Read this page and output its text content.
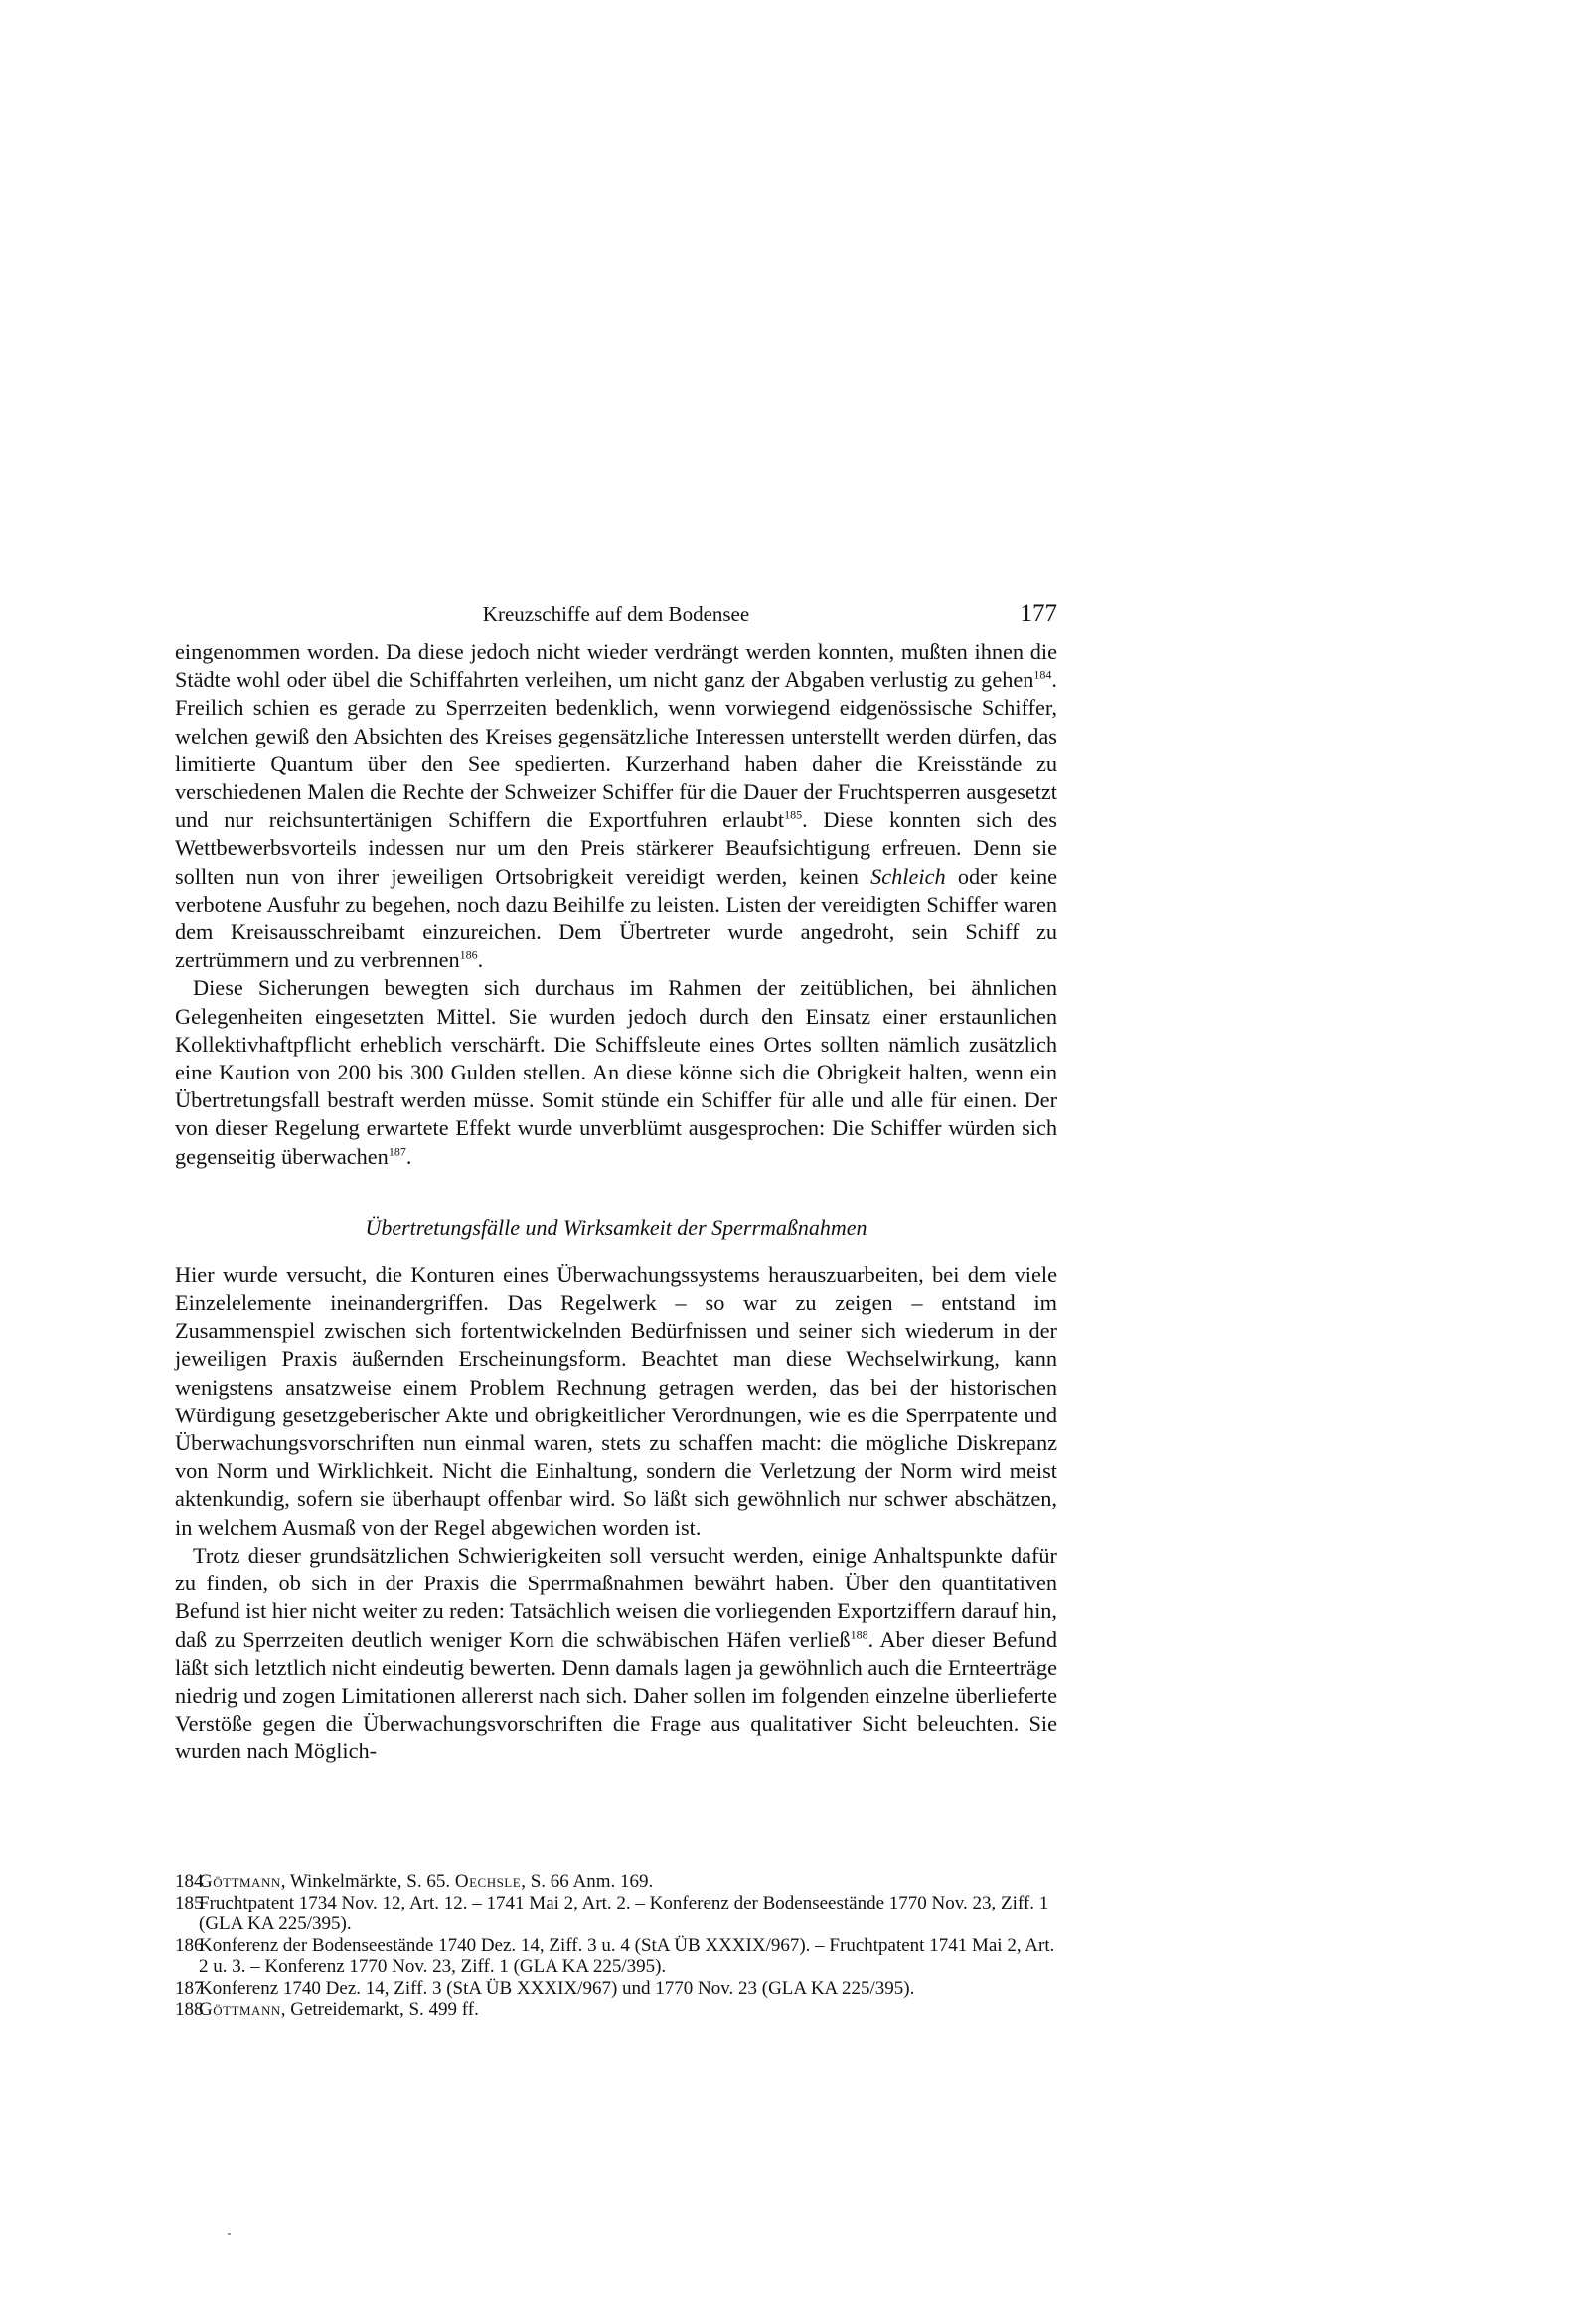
Kreuzschiffe auf dem Bodensee	177

eingenommen worden. Da diese jedoch nicht wieder verdrängt werden konnten, mußten ihnen die Städte wohl oder übel die Schiffahrten verleihen, um nicht ganz der Abgaben verlustig zu gehen$^{184}$. Freilich schien es gerade zu Sperrzeiten bedenklich, wenn vorwiegend eidgenössische Schiffer, welchen gewiß den Absichten des Kreises gegensätzliche Interessen unterstellt werden dürfen, das limitierte Quantum über den See spedierten. Kurzerhand haben daher die Kreisstände zu verschiedenen Malen die Rechte der Schweizer Schiffer für die Dauer der Fruchtsperren ausgesetzt und nur reichsuntertänigen Schiffern die Exportfuhren erlaubt$^{185}$. Diese konnten sich des Wettbewerbsvorteils indessen nur um den Preis stärkerer Beaufsichtigung erfreuen. Denn sie sollten nun von ihrer jeweiligen Ortsobrigkeit vereidigt werden, keinen Schleich oder keine verbotene Ausfuhr zu begehen, noch dazu Beihilfe zu leisten. Listen der vereidigten Schiffer waren dem Kreisausschreibamt einzureichen. Dem Übertreter wurde angedroht, sein Schiff zu zertrümmern und zu verbrennen$^{186}$.

Diese Sicherungen bewegten sich durchaus im Rahmen der zeitüblichen, bei ähnlichen Gelegenheiten eingesetzten Mittel. Sie wurden jedoch durch den Einsatz einer erstaunlichen Kollektivhaftpflicht erheblich verschärft. Die Schiffsleute eines Ortes sollten nämlich zusätzlich eine Kaution von 200 bis 300 Gulden stellen. An diese könne sich die Obrigkeit halten, wenn ein Übertretungsfall bestraft werden müsse. Somit stünde ein Schiffer für alle und alle für einen. Der von dieser Regelung erwartete Effekt wurde unverblümt ausgesprochen: Die Schiffer würden sich gegenseitig überwachen$^{187}$.

Übertretungsfälle und Wirksamkeit der Sperrmaßnahmen

Hier wurde versucht, die Konturen eines Überwachungssystems herauszuarbeiten, bei dem viele Einzelelemente ineinandergriffen. Das Regelwerk – so war zu zeigen – entstand im Zusammenspiel zwischen sich fortentwickelnden Bedürfnissen und seiner sich wiederum in der jeweiligen Praxis äußernden Erscheinungsform. Beachtet man diese Wechselwirkung, kann wenigstens ansatzweise einem Problem Rechnung getragen werden, das bei der historischen Würdigung gesetzgeberischer Akte und obrigkeitlicher Verordnungen, wie es die Sperrpatente und Überwachungsvorschriften nun einmal waren, stets zu schaffen macht: die mögliche Diskrepanz von Norm und Wirklichkeit. Nicht die Einhaltung, sondern die Verletzung der Norm wird meist aktenkundig, sofern sie überhaupt offenbar wird. So läßt sich gewöhnlich nur schwer abschätzen, in welchem Ausmaß von der Regel abgewichen worden ist.

Trotz dieser grundsätzlichen Schwierigkeiten soll versucht werden, einige Anhaltspunkte dafür zu finden, ob sich in der Praxis die Sperrmaßnahmen bewährt haben. Über den quantitativen Befund ist hier nicht weiter zu reden: Tatsächlich weisen die vorliegenden Exportziffern darauf hin, daß zu Sperrzeiten deutlich weniger Korn die schwäbischen Häfen verließ$^{188}$. Aber dieser Befund läßt sich letztlich nicht eindeutig bewerten. Denn damals lagen ja gewöhnlich auch die Ernteerträge niedrig und zogen Limitationen allererst nach sich. Daher sollen im folgenden einzelne überlieferte Verstöße gegen die Überwachungsvorschriften die Frage aus qualitativer Sicht beleuchten. Sie wurden nach Möglich-

184
Göttmann, Winkelmärkte, S. 65. Oechsle, S. 66 Anm. 169.
185
Fruchtpatent 1734 Nov. 12, Art. 12. – 1741 Mai 2, Art. 2. – Konferenz der Bodenseestände 1770 Nov. 23, Ziff. 1 (GLA KA 225/395).
186
Konferenz der Bodenseestände 1740 Dez. 14, Ziff. 3 u. 4 (StA ÜB XXXIX/967). – Fruchtpatent 1741 Mai 2, Art. 2 u. 3. – Konferenz 1770 Nov. 23, Ziff. 1 (GLA KA 225/395).
187
Konferenz 1740 Dez. 14, Ziff. 3 (StA ÜB XXXIX/967) und 1770 Nov. 23 (GLA KA 225/395).
188
Göttmann, Getreidemarkt, S. 499 ff.
